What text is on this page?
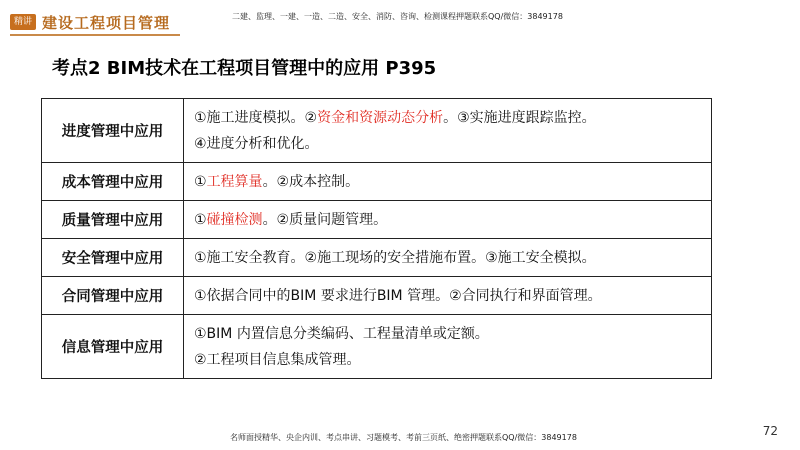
精讲 建设工程项目管理	二建、监理、一建、一造、二造、安全、消防、咨询、检测课程押题联系QQ/微信：3849178
考点2 BIM技术在工程项目管理中的应用 P395
进度管理中应用	①施工进度模拟。②资金和资源动态分析。③实施进度跟踪监控。
④进度分析和优化。

成本管理中应用	①工程算量。②成本控制。

质量管理中应用	①碰撞检测。②质量问题管理。

安全管理中应用	①施工安全教育。②施工现场的安全措施布置。③施工安全模拟。

合同管理中应用	①依据合同中的BIM 要求进行BIM 管理。②合同执行和界面管理。

信息管理中应用	①BIM 内置信息分类编码、工程量清单或定额。
②工程项目信息集成管理。
名师面授精华、央企内训、考点串讲、习题模考、考前三页纸、绝密押题联系QQ/微信：3849178	72
